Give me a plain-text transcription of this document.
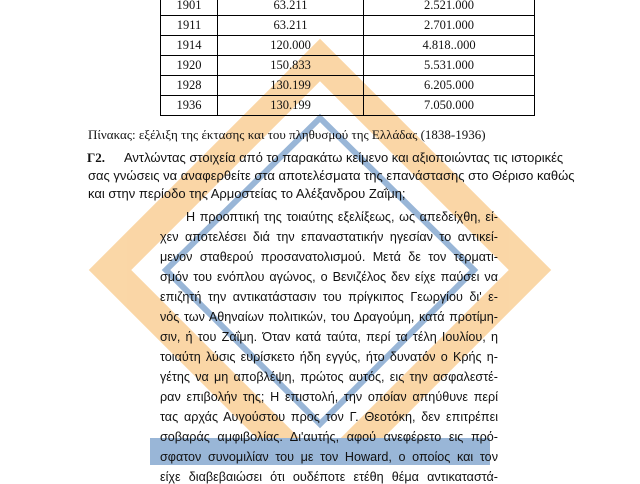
1901	63.211	2.521.000
1911	63.211	2.701.000
1914	120.000	4.818..000
1920	150.833	5.531.000
1928	130.199	6.205.000
1936	130.199	7.050.000
Πίνακας: εξέλιξη της έκτασης και του πληθυσμού της Ελλάδας (1838-1936)
Γ2. Αντλώντας στοιχεία από το παρακάτω κείμενο και αξιοποιώντας τις ιστορικές
σας γνώσεις να αναφερθείτε στα αποτελέσματα της επανάστασης στο Θέρισο καθώς
και στην περίοδο της Αρμοστείας το Αλέξανδρου Ζαΐμη;
Η προοπτική της τοιαύτης εξελίξεως, ως απεδείχθη, εί-
χεν αποτελέσει διά την επαναστατικήν ηγεσίαν το αντικεί-
μενον σταθερού προσανατολισμού. Μετά δε τον τερματι-
σμόν του ενόπλου αγώνος, ο Βενιζέλος δεν είχε παύσει να
επιζητή την αντικατάστασιν του πρίγκιπος Γεωργίου δι' ε-
νός των Αθηναίων πολιτικών, του Δραγούμη, κατά προτίμη-
σιν, ή του Ζαΐμη. Όταν κατά ταύτα, περί τα τέλη Ιουλίου, η
τοιαύτη λύσις ευρίσκετο ήδη εγγύς, ήτο δυνατόν ο Κρής η-
γέτης να μη αποβλέψη, πρώτος αυτός, εις την ασφαλεστέ-
ραν επιβολήν της; Η επιστολή, την οποίαν απηύθυνε περί
τας αρχάς Αυγούστου προς τον Γ. Θεοτόκη, δεν επιτρέπει
σοβαράς αμφιβολίας. Δι'αυτής, αφού ανεφέρετο εις πρό-
σφατον συνομιλίαν του με τον Howard, ο οποίος και τον
είχε διαβεβαιώσει ότι ουδέποτε ετέθη θέμα αντικαταστά-
